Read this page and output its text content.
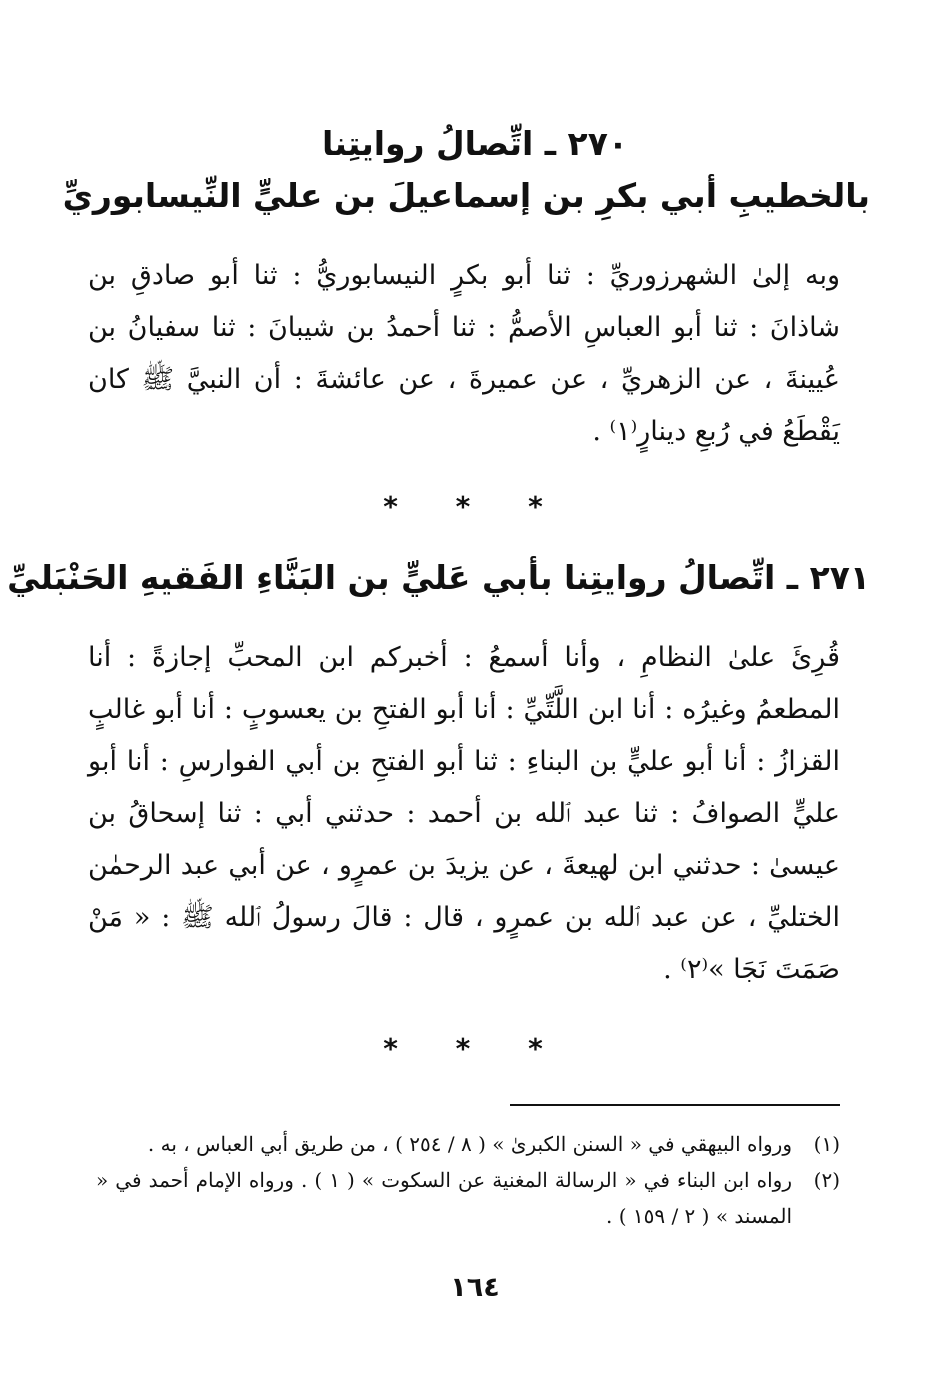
٢٧٠ ـ اتِّصالُ روايتِنا
بالخطيبِ أبي بكرِ بن إسماعيلَ بن عليٍّ النِّيسابوريِّ
وبه إلىٰ الشهرزوريِّ : ثنا أبو بكرٍ النيسابوريُّ : ثنا أبو صادقِ بن شاذانَ : ثنا أبو العباسِ الأصمُّ : ثنا أحمدُ بن شيبانَ : ثنا سفيانُ بن عُيينةَ ، عن الزهريِّ ، عن عميرةَ ، عن عائشةَ : أن النبيَّ ﷺ كان يَقْطَعُ في رُبعِ دينارٍ⁽١⁾ .
* * *
٢٧١ ـ اتِّصالُ روايتِنا بأبي عَليٍّ بن البَنَّاءِ الفَقيهِ الحَنْبَليِّ
قُرِئَ علىٰ النظامِ ، وأنا أسمعُ : أخبركم ابن المحبِّ إجازةً : أنا المطعمُ وغيرُه : أنا ابن اللَّتِّيِّ : أنا أبو الفتحِ بن يعسوبٍ : أنا أبو غالبٍ القزازُ : أنا أبو عليٍّ بن البناءِ : ثنا أبو الفتحِ بن أبي الفوارسِ : أنا أبو عليٍّ الصوافُ : ثنا عبد ٱلله بن أحمد : حدثني أبي : ثنا إسحاقُ بن عيسىٰ : حدثني ابن لهيعةَ ، عن يزيدَ بن عمرٍو ، عن أبي عبد الرحمٰن الختليِّ ، عن عبد ٱلله بن عمرٍو ، قال : قالَ رسولُ ٱلله ﷺ : « مَنْ صَمَتَ نَجَا »⁽٢⁾ .
* * *
(١)
ورواه البيهقي في « السنن الكبرىٰ » ( ٨ / ٢٥٤ ) ، من طريق أبي العباس ، به .
(٢)
رواه ابن البناء في « الرسالة المغنية عن السكوت » ( ١ ) . ورواه الإمام أحمد في « المسند » ( ٢ / ١٥٩ ) .
١٦٤
